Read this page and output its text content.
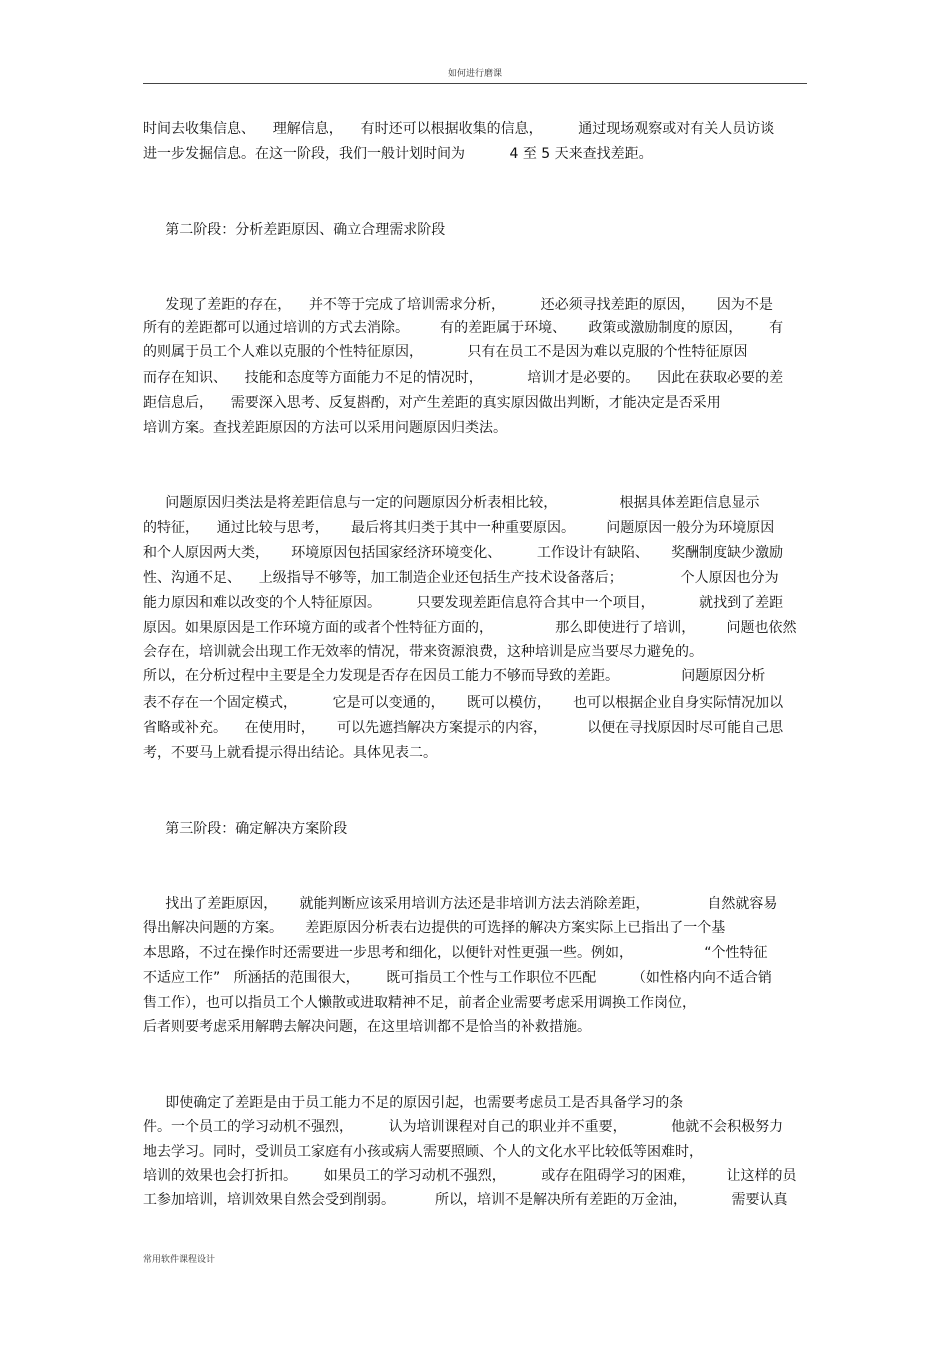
如何进行磨课
时间去收集信息、    理解信息，    有时还可以根据收集的信息，        通过现场观察或对有关人员访谈
进一步发掘信息。在这一阶段，我们一般计划时间为          4 至 5 天来查找差距。
第二阶段：分析差距原因、确立合理需求阶段
发现了差距的存在，    并不等于完成了培训需求分析，        还必须寻找差距的原因，     因为不是
所有的差距都可以通过培训的方式去消除。       有的差距属于环境、     政策或激励制度的原因，      有
的则属于员工个人难以克服的个性特征原因，          只有在员工不是因为难以克服的个性特征原因
而存在知识、    技能和态度等方面能力不足的情况时，          培训才是必要的。    因此在获取必要的差
距信息后，    需要深入思考、反复斟酌，对产生差距的真实原因做出判断，才能决定是否采用
培训方案。查找差距原因的方法可以采用问题原因归类法。
问题原因归类法是将差距信息与一定的问题原因分析表相比较，              根据具体差距信息显示
的特征，    通过比较与思考，     最后将其归类于其中一种重要原因。       问题原因一般分为环境原因
和个人原因两大类，     环境原因包括国家经济环境变化、        工作设计有缺陷、     奖酬制度缺少激励
性、沟通不足、    上级指导不够等，加工制造企业还包括生产技术设备落后；             个人原因也分为
能力原因和难以改变的个人特征原因。        只要发现差距信息符合其中一个项目，          就找到了差距
原因。如果原因是工作环境方面的或者个性特征方面的，              那么即使进行了培训，       问题也依然
会存在，培训就会出现工作无效率的情况，带来资源浪费，这种培训是应当要尽力避免的。
所以，在分析过程中主要是全力发现是否存在因员工能力不够而导致的差距。              问题原因分析
表不存在一个固定模式，        它是可以变通的，     既可以模仿，     也可以根据企业自身实际情况加以
省略或补充。    在使用时，     可以先遮挡解决方案提示的内容，         以便在寻找原因时尽可能自己思
考，不要马上就看提示得出结论。具体见表二。
第三阶段：确定解决方案阶段
找出了差距原因，     就能判断应该采用培训方法还是非培训方法去消除差距，             自然就容易
得出解决问题的方案。     差距原因分析表右边提供的可选择的解决方案实际上已指出了一个基
本思路，不过在操作时还需要进一步思考和细化，以便针对性更强一些。例如，                “个性特征
不适应工作”   所涵括的范围很大，      既可指员工个性与工作职位不匹配        （如性格内向不适合销
售工作），也可以指员工个人懒散或进取精神不足，前者企业需要考虑采用调换工作岗位，
后者则要考虑采用解聘去解决问题，在这里培训都不是恰当的补救措施。
即使确定了差距是由于员工能力不足的原因引起，也需要考虑员工是否具备学习的条
件。一个员工的学习动机不强烈，        认为培训课程对自己的职业并不重要，          他就不会积极努力
地去学习。同时，受训员工家庭有小孩或病人需要照顾、个人的文化水平比较低等困难时，
培训的效果也会打折扣。      如果员工的学习动机不强烈，        或存在阻碍学习的困难，       让这样的员
工参加培训，培训效果自然会受到削弱。         所以，培训不是解决所有差距的万金油，          需要认真
常用软件课程设计
